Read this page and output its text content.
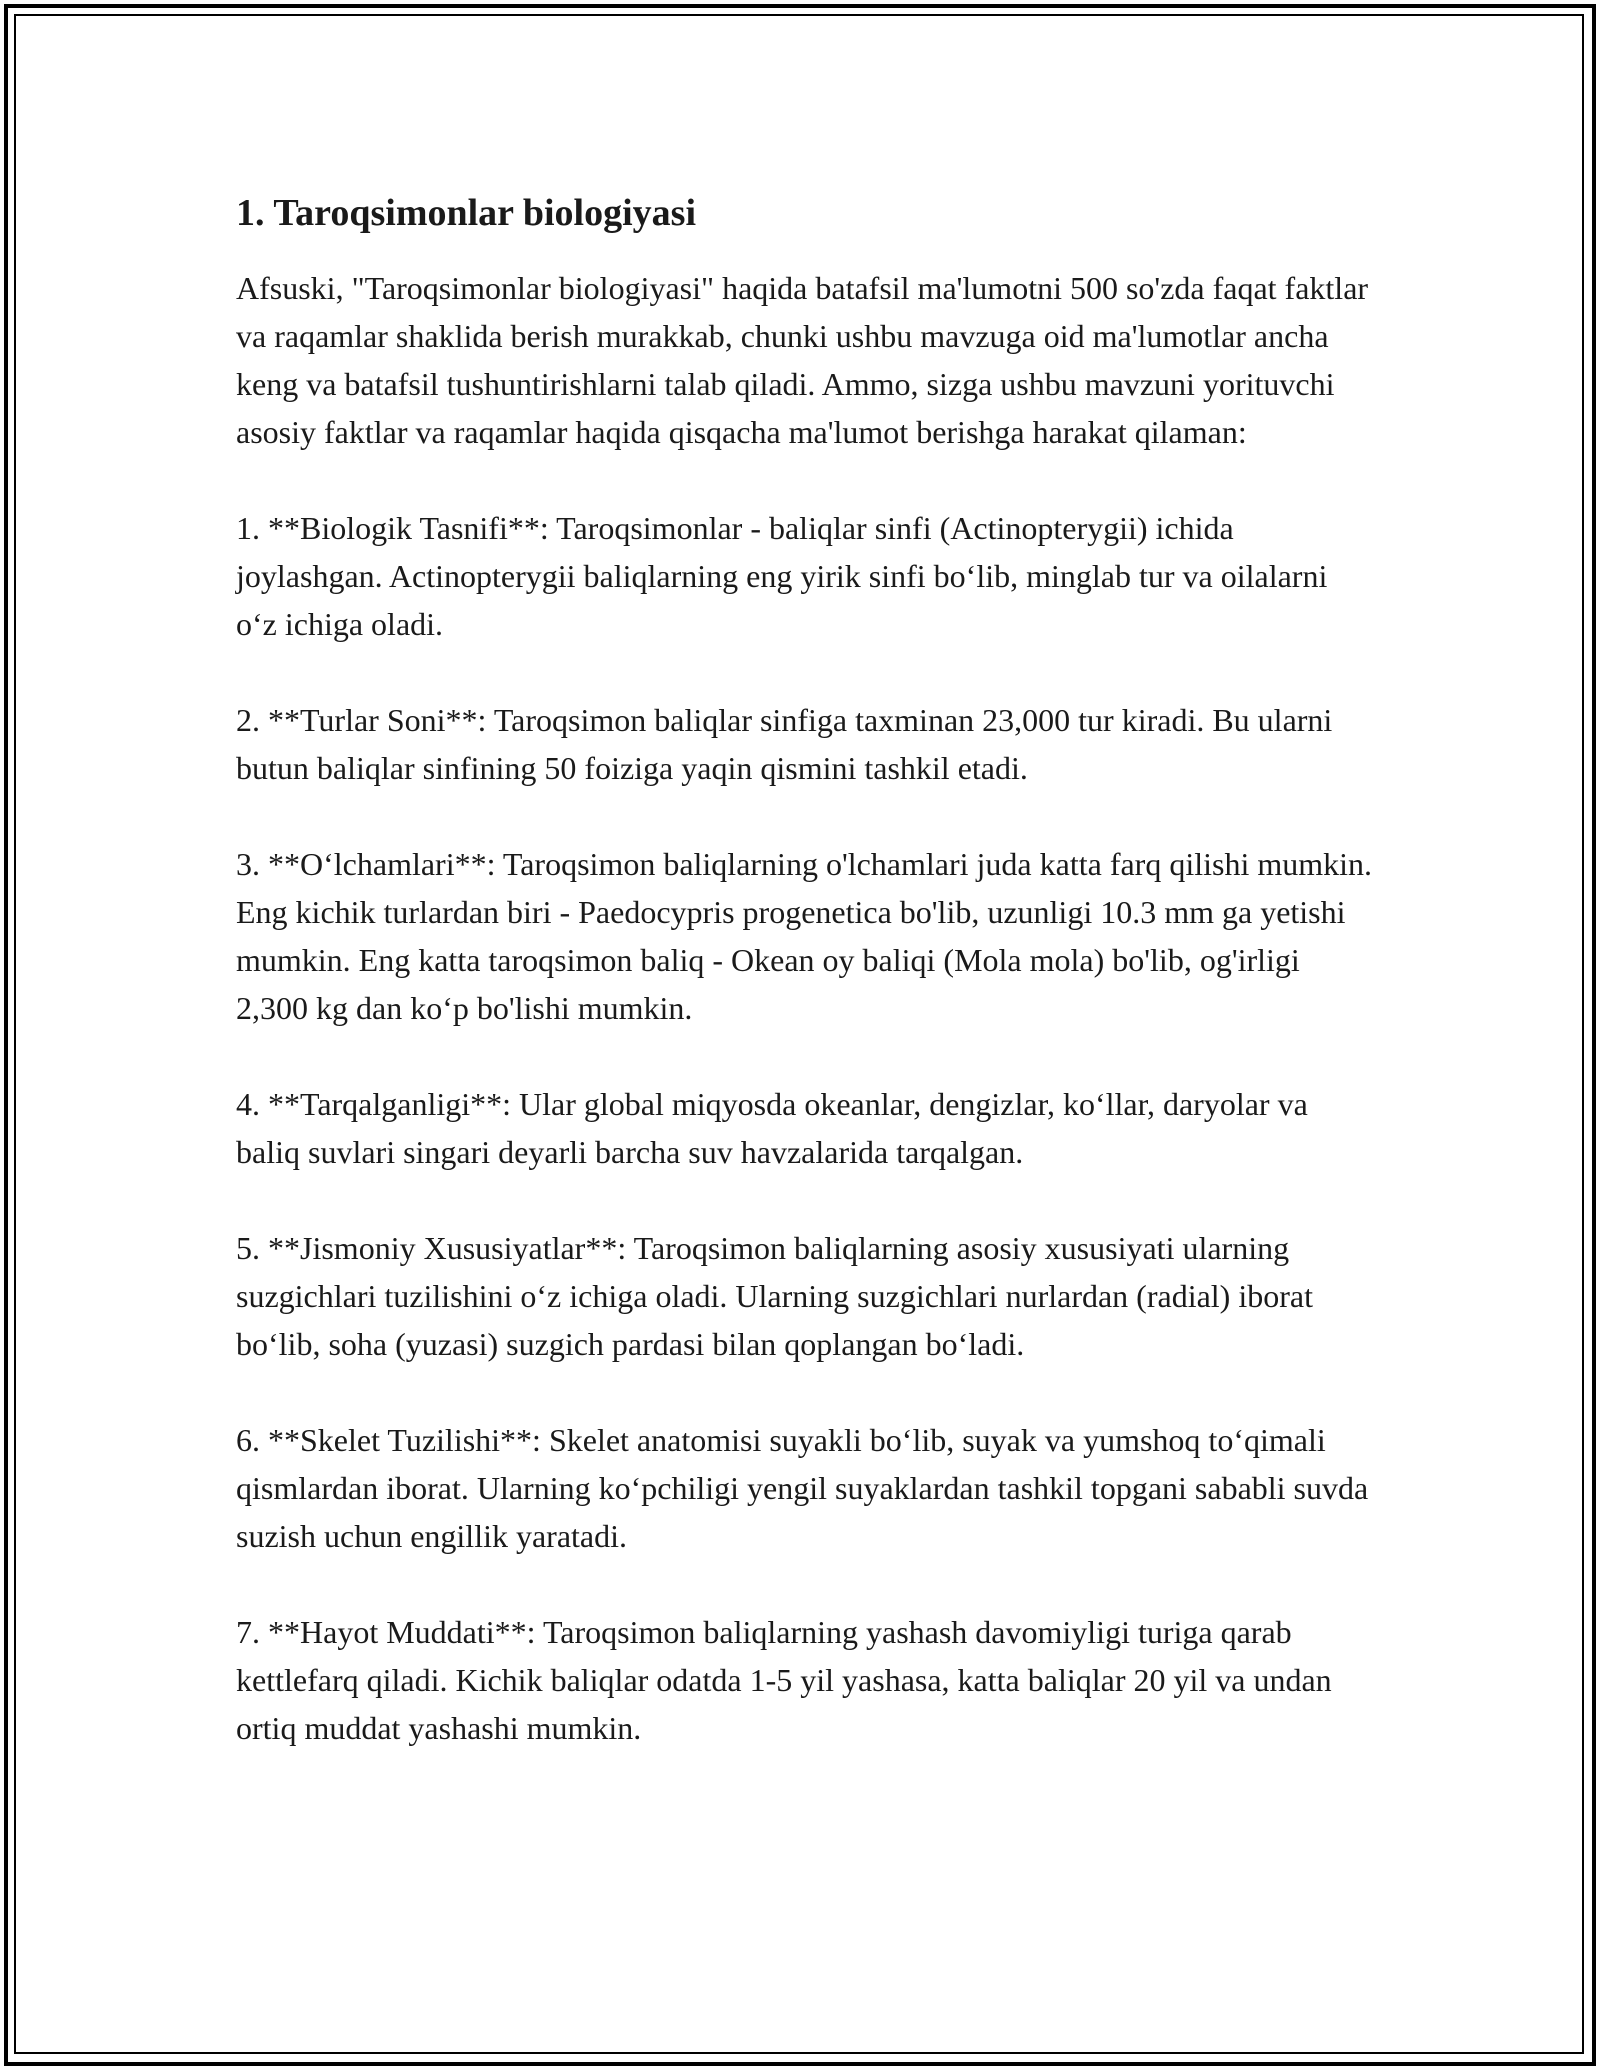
1. Taroqsimonlar biologiyasi

Afsuski, "Taroqsimonlar biologiyasi" haqida batafsil ma'lumotni 500 so'zda faqat faktlar va raqamlar shaklida berish murakkab, chunki ushbu mavzuga oid ma'lumotlar ancha keng va batafsil tushuntirishlarni talab qiladi. Ammo, sizga ushbu mavzuni yorituvchi asosiy faktlar va raqamlar haqida qisqacha ma'lumot berishga harakat qilaman:

1. **Biologik Tasnifi**: Taroqsimonlar - baliqlar sinfi (Actinopterygii) ichida joylashgan. Actinopterygii baliqlarning eng yirik sinfi bo‘lib, minglab tur va oilalarni o‘z ichiga oladi.

2. **Turlar Soni**: Taroqsimon baliqlar sinfiga taxminan 23,000 tur kiradi. Bu ularni butun baliqlar sinfining 50 foiziga yaqin qismini tashkil etadi.

3. **O‘lchamlari**: Taroqsimon baliqlarning o'lchamlari juda katta farq qilishi mumkin. Eng kichik turlardan biri - Paedocypris progenetica bo'lib, uzunligi 10.3 mm ga yetishi mumkin. Eng katta taroqsimon baliq - Okean oy baliqi (Mola mola) bo'lib, og'irligi 2,300 kg dan ko‘p bo'lishi mumkin.

4. **Tarqalganligi**: Ular global miqyosda okeanlar, dengizlar, ko‘llar, daryolar va baliq suvlari singari deyarli barcha suv havzalarida tarqalgan.

5. **Jismoniy Xususiyatlar**: Taroqsimon baliqlarning asosiy xususiyati ularning suzgichlari tuzilishini o‘z ichiga oladi. Ularning suzgichlari nurlardan (radial) iborat bo‘lib, soha (yuzasi) suzgich pardasi bilan qoplangan bo‘ladi.

6. **Skelet Tuzilishi**: Skelet anatomisi suyakli bo‘lib, suyak va yumshoq to‘qimali qismlardan iborat. Ularning ko‘pchiligi yengil suyaklardan tashkil topgani sababli suvda suzish uchun engillik yaratadi.

7. **Hayot Muddati**: Taroqsimon baliqlarning yashash davomiyligi turiga qarab kettlefarq qiladi. Kichik baliqlar odatda 1-5 yil yashasa, katta baliqlar 20 yil va undan ortiq muddat yashashi mumkin.
